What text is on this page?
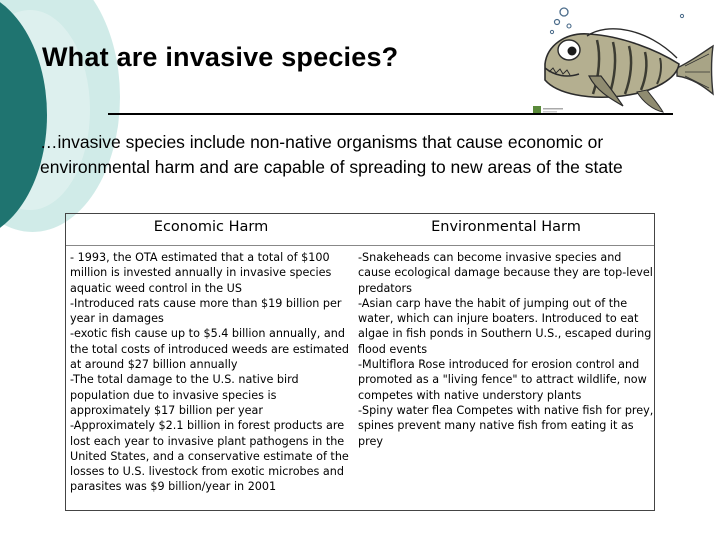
What are invasive species?
…invasive species include non-native organisms that cause economic or environmental harm and are capable of spreading to new areas of the state
Economic Harm	Environmental Harm

- 1993, the OTA estimated that a total of $100 million is invested annually in invasive species aquatic weed control in the US

-Introduced rats cause more than $19 billion per year in damages

-exotic fish cause up to $5.4 billion annually, and the total costs of introduced weeds are estimated at around $27 billion annually

-The total damage to the U.S. native bird population due to invasive species is approximately $17 billion per year

-Approximately $2.1 billion in forest products are lost each year to invasive plant pathogens in the United States, and a conservative estimate of the losses to U.S. livestock from exotic microbes and parasites was $9 billion/year in 2001

-Snakeheads can become invasive species and cause ecological damage because they are top-level predators

-Asian carp have the habit of jumping out of the water, which can injure boaters. Introduced to eat algae in fish ponds in Southern U.S., escaped during flood events

-Multiflora Rose introduced for erosion control and promoted as a "living fence" to attract wildlife, now competes with native understory plants

-Spiny water flea Competes with native fish for prey, spines prevent many native fish from eating it as prey
